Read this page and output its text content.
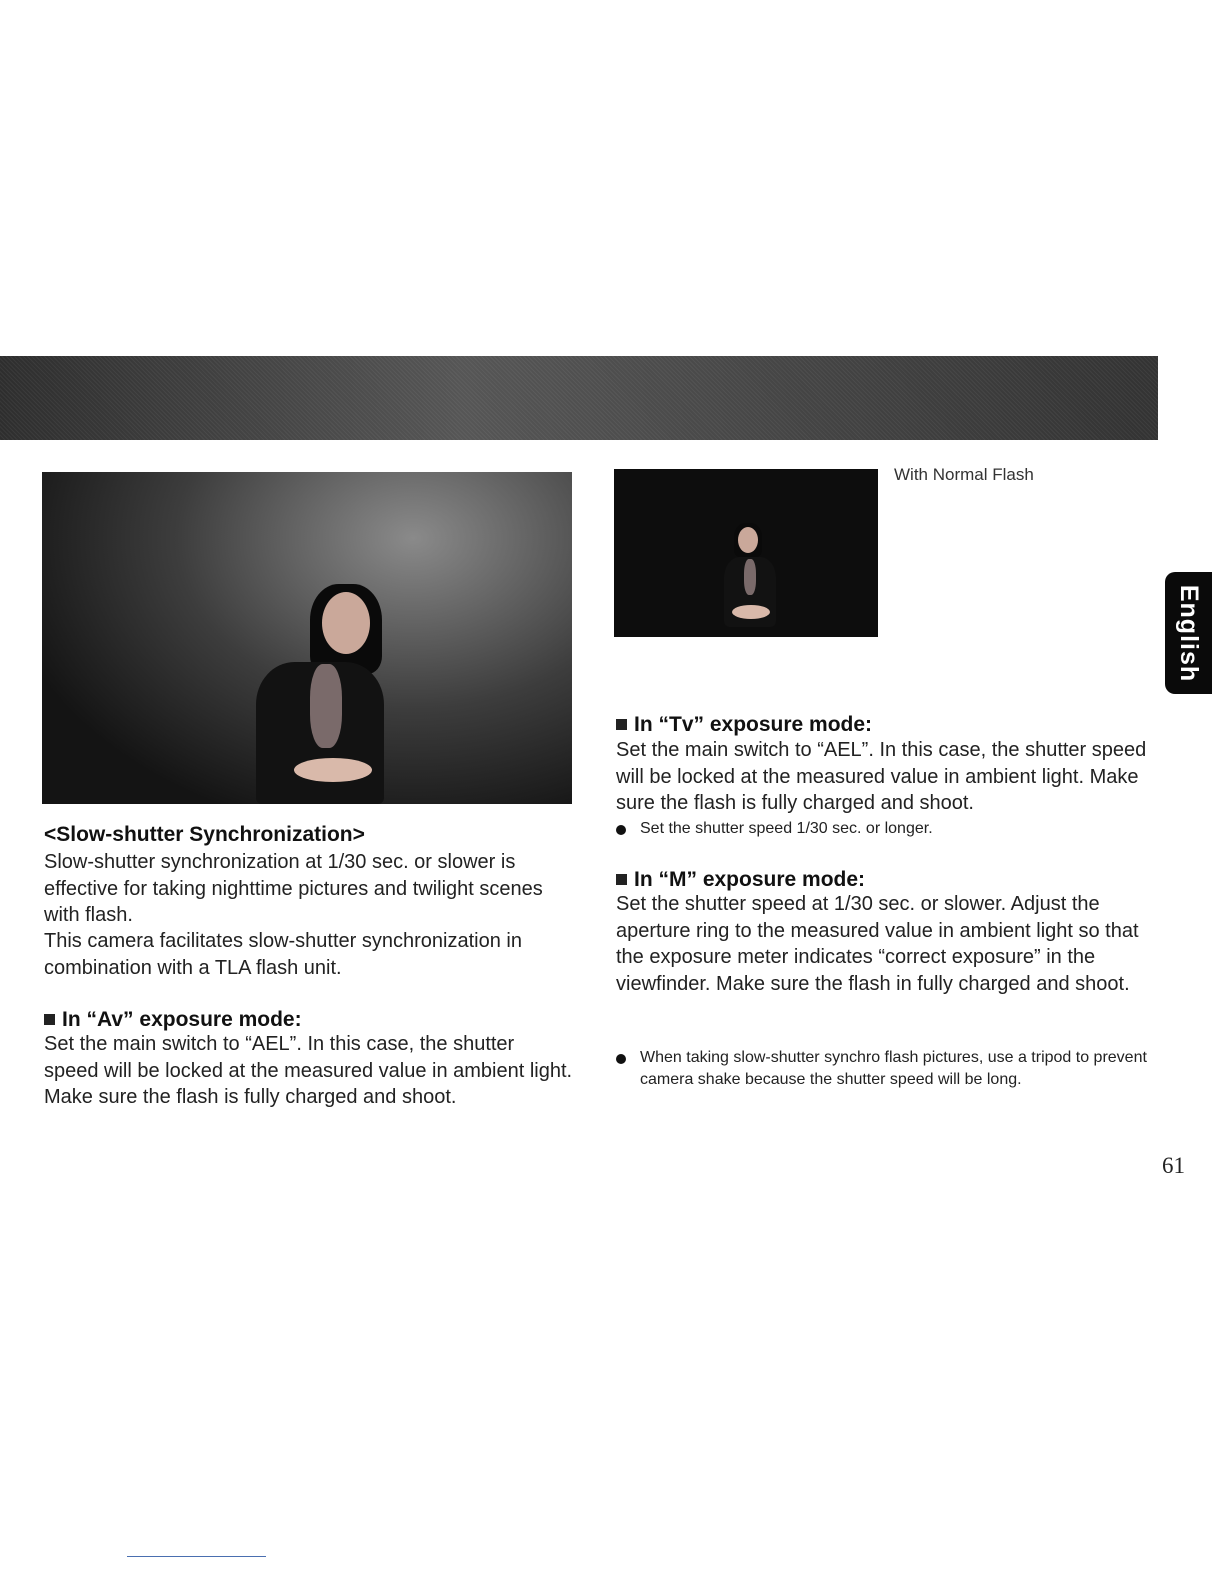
With Normal Flash
English
<Slow-shutter Synchronization>

Slow-shutter synchronization at 1/30 sec. or slower is effective for taking nighttime pictures and twilight scenes with flash.

This camera facilitates slow-shutter synchronization in combination with a TLA flash unit.

In “Av” exposure mode:

Set the main switch to “AEL”. In this case, the shutter speed will be locked at the measured value in ambient light. Make sure the flash is fully charged and shoot.

In “Tv” exposure mode:

Set the main switch to “AEL”. In this case, the shutter speed will be locked at the measured value in ambient light. Make sure the flash is fully charged and shoot.

Set the shutter speed 1/30 sec. or longer.
In “M” exposure mode:

Set the shutter speed at 1/30 sec. or slower. Adjust the aperture ring to the measured value in ambient light so that the exposure meter indicates “correct exposure” in the viewfinder. Make sure the flash in fully charged and shoot.

When taking slow-shutter synchro flash pictures, use a tripod to prevent camera shake because the shutter speed will be long.
61
